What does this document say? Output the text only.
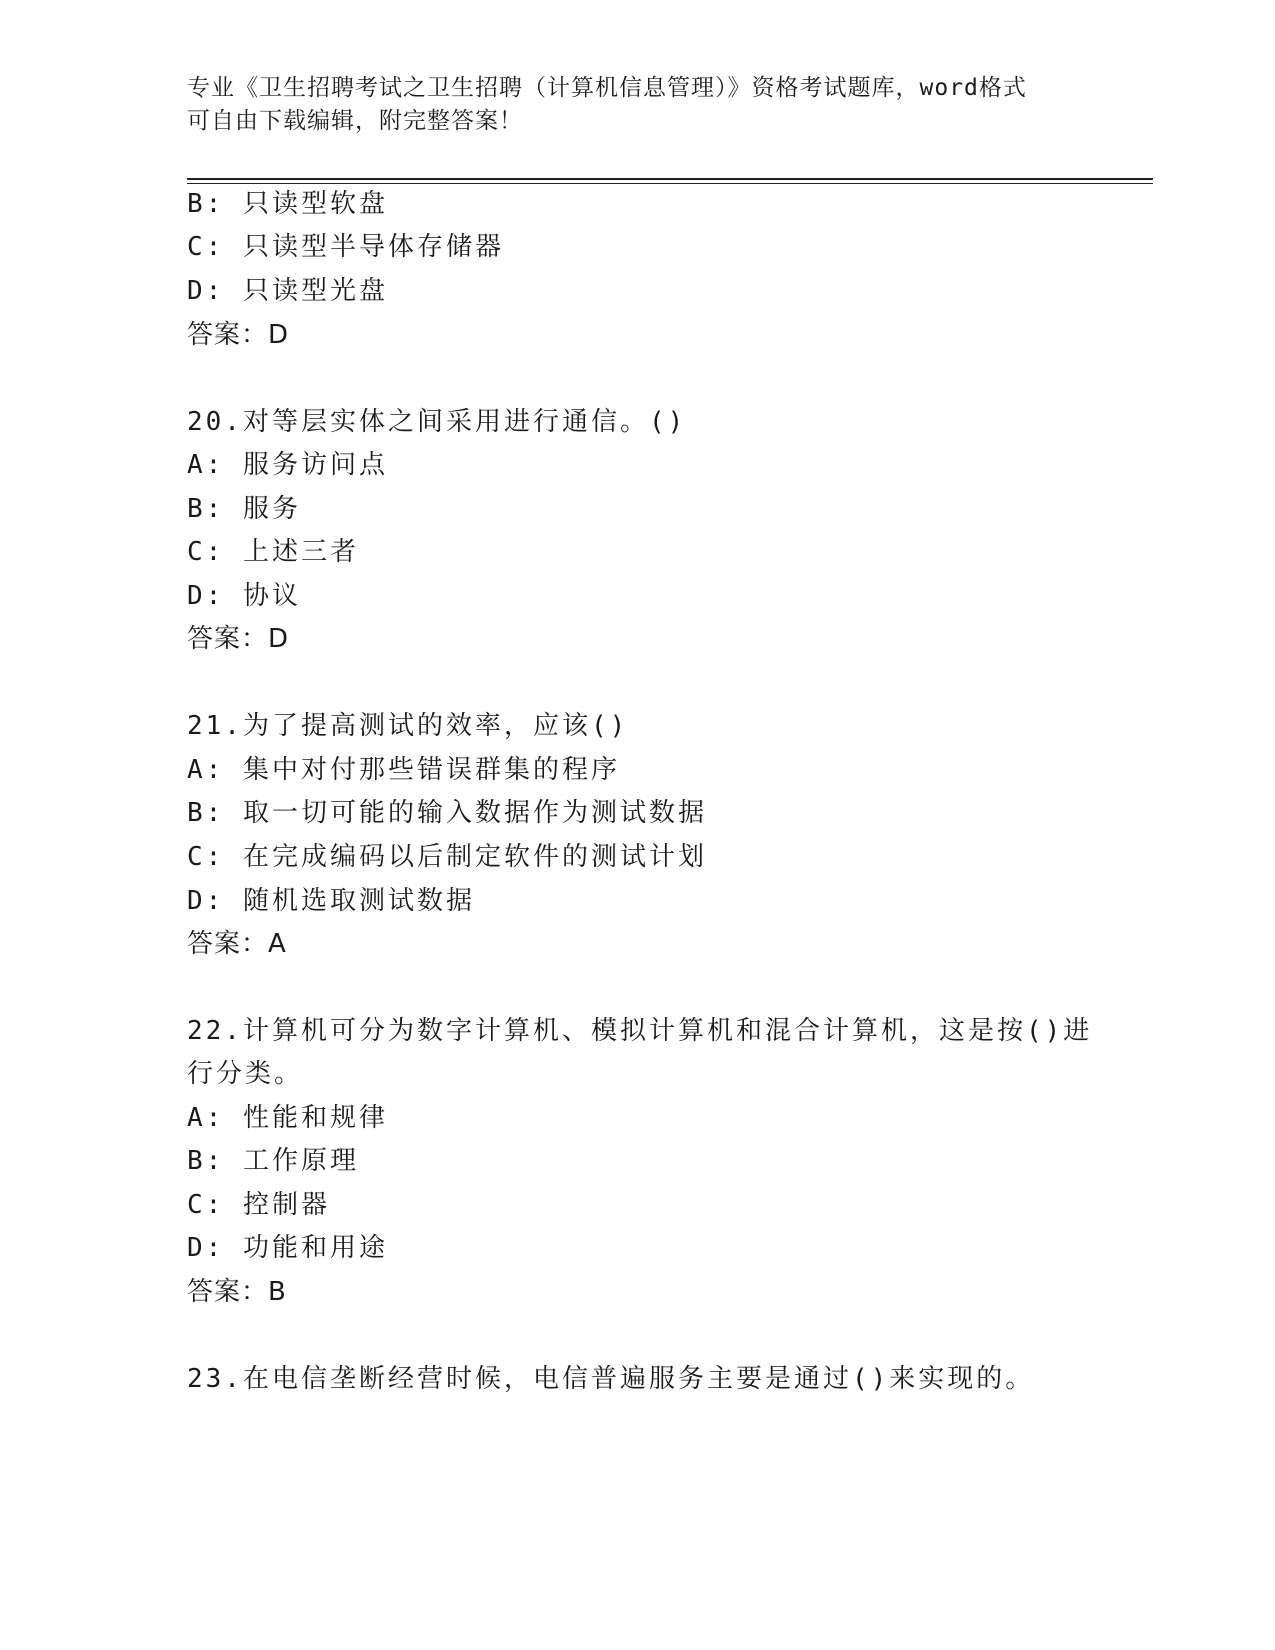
专业《卫生招聘考试之卫生招聘（计算机信息管理）》资格考试题库，word格式
可自由下载编辑，附完整答案！
B: 只读型软盘
C: 只读型半导体存储器
D: 只读型光盘
答案：D
20.对等层实体之间采用进行通信。()
A: 服务访问点
B: 服务
C: 上述三者
D: 协议
答案：D
21.为了提高测试的效率，应该()
A: 集中对付那些错误群集的程序
B: 取一切可能的输入数据作为测试数据
C: 在完成编码以后制定软件的测试计划
D: 随机选取测试数据
答案：A
22.计算机可分为数字计算机、模拟计算机和混合计算机，这是按()进
行分类。
A: 性能和规律
B: 工作原理
C: 控制器
D: 功能和用途
答案：B
23.在电信垄断经营时候，电信普遍服务主要是通过()来实现的。
